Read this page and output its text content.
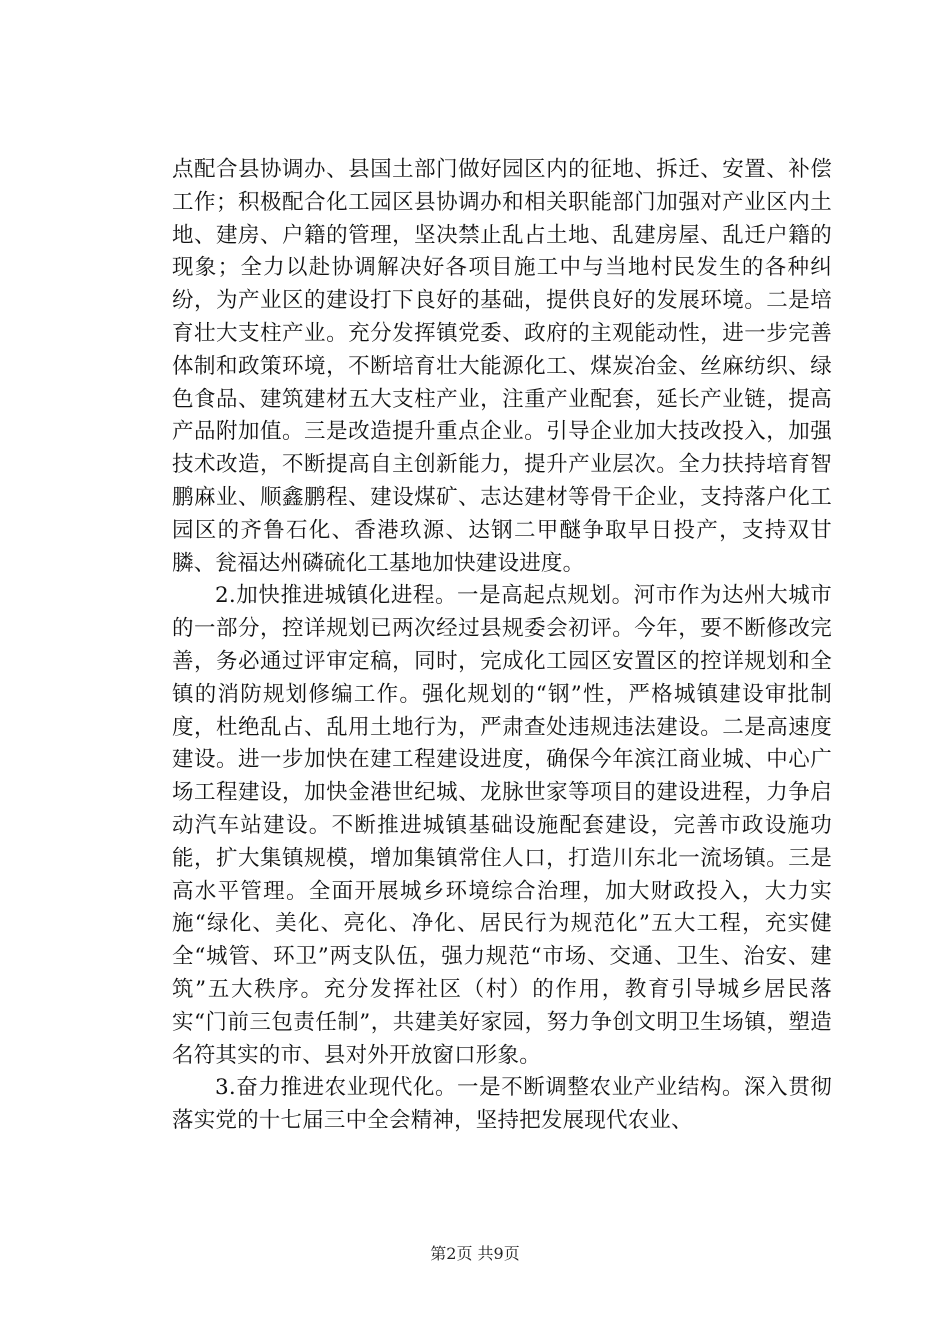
点配合县协调办、县国土部门做好园区内的征地、拆迁、安置、补偿工作；积极配合化工园区县协调办和相关职能部门加强对产业区内土地、建房、户籍的管理，坚决禁止乱占土地、乱建房屋、乱迁户籍的现象；全力以赴协调解决好各项目施工中与当地村民发生的各种纠纷，为产业区的建设打下良好的基础，提供良好的发展环境。二是培育壮大支柱产业。充分发挥镇党委、政府的主观能动性，进一步完善体制和政策环境，不断培育壮大能源化工、煤炭冶金、丝麻纺织、绿色食品、建筑建材五大支柱产业，注重产业配套，延长产业链，提高产品附加值。三是改造提升重点企业。引导企业加大技改投入，加强技术改造，不断提高自主创新能力，提升产业层次。全力扶持培育智鹏麻业、顺鑫鹏程、建设煤矿、志达建材等骨干企业，支持落户化工园区的齐鲁石化、香港玖源、达钢二甲醚争取早日投产，支持双甘膦、瓮福达州磷硫化工基地加快建设进度。

2.加快推进城镇化进程。一是高起点规划。河市作为达州大城市的一部分，控详规划已两次经过县规委会初评。今年，要不断修改完善，务必通过评审定稿，同时，完成化工园区安置区的控详规划和全镇的消防规划修编工作。强化规划的“钢”性，严格城镇建设审批制度，杜绝乱占、乱用土地行为，严肃查处违规违法建设。二是高速度建设。进一步加快在建工程建设进度，确保今年滨江商业城、中心广场工程建设，加快金港世纪城、龙脉世家等项目的建设进程，力争启动汽车站建设。不断推进城镇基础设施配套建设，完善市政设施功能，扩大集镇规模，增加集镇常住人口，打造川东北一流场镇。三是高水平管理。全面开展城乡环境综合治理，加大财政投入，大力实施“绿化、美化、亮化、净化、居民行为规范化”五大工程，充实健全“城管、环卫”两支队伍，强力规范“市场、交通、卫生、治安、建筑”五大秩序。充分发挥社区（村）的作用，教育引导城乡居民落实“门前三包责任制”，共建美好家园，努力争创文明卫生场镇，塑造名符其实的市、县对外开放窗口形象。

3.奋力推进农业现代化。一是不断调整农业产业结构。深入贯彻落实党的十七届三中全会精神，坚持把发展现代农业、

第2页 共9页
